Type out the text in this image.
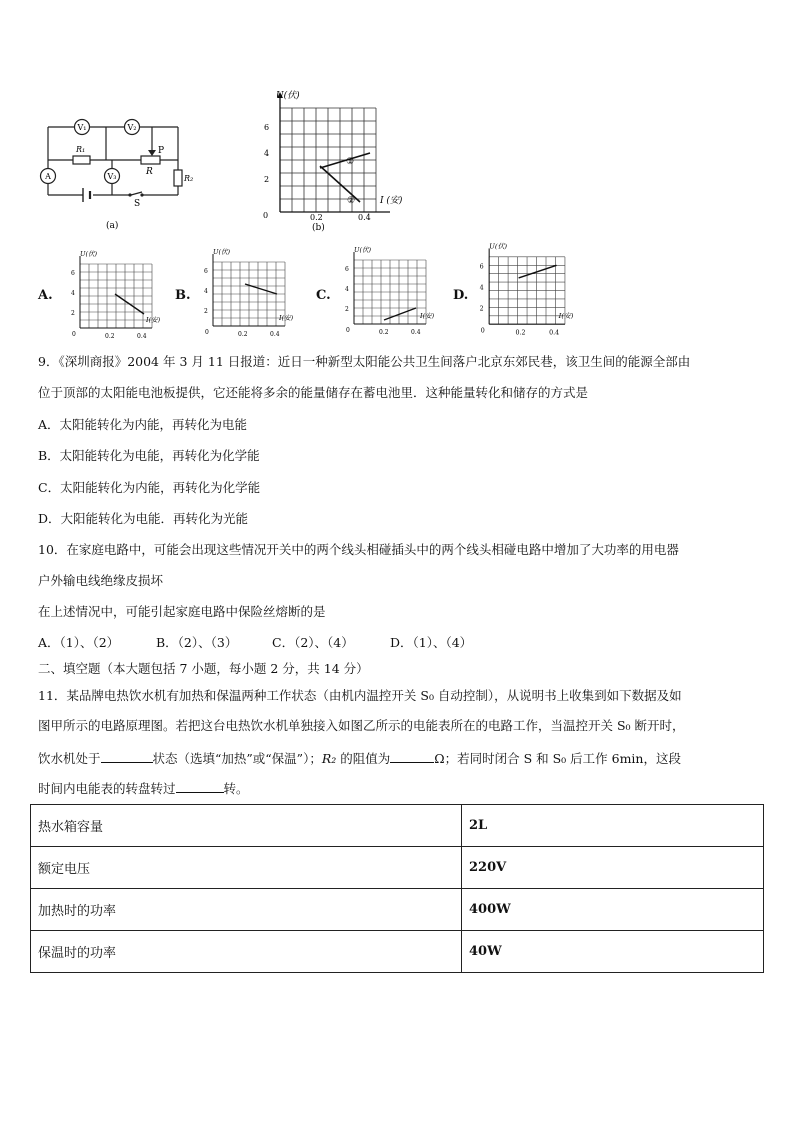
V₁	V₂
A	V₃
R₁	P
R
R₂
S
(a)
U(伏)
6
4
2
0	0.2	0.4
I (安)
①
②
(b)
A.
U(伏)
I(安)
6
4
2
0	0.2	0.4
B.
U(伏)
I(安)
6
4
2
0	0.2	0.4
C.
U(伏)
I(安)
6
4
2
0	0.2	0.4
D.
U(伏)
I(安)
6
4
2
0	0.2	0.4
9．《深圳商报》2004 年 3 月 11 日报道：近日一种新型太阳能公共卫生间落户北京东郊民巷，该卫生间的能源全部由
位于顶部的太阳能电池板提供，它还能将多余的能量储存在蓄电池里．这种能量转化和储存的方式是
A．太阳能转化为内能，再转化为电能
B．太阳能转化为电能，再转化为化学能
C．太阳能转化为内能，再转化为化学能
D．大阳能转化为电能．再转化为光能
10．在家庭电路中，可能会出现这些情况开关中的两个线头相碰插头中的两个线头相碰电路中增加了大功率的用电器
户外输电线绝缘皮损坏
在上述情况中，可能引起家庭电路中保险丝熔断的是
A．（1）、（2）	B．（2）、（3）	C．（2）、（4）	D．（1）、（4）
二、填空题（本大题包括 7 小题，每小题 2 分，共 14 分）
11．某品牌电热饮水机有加热和保温两种工作状态（由机内温控开关 S₀ 自动控制），从说明书上收集到如下数据及如
图甲所示的电路原理图。若把这台电热饮水机单独接入如图乙所示的电能表所在的电路工作，当温控开关 S₀ 断开时，
饮水机处于	状态（选填“加热”或“保温”）；R₂ 的阻值为	Ω；若同时闭合 S 和 S₀ 后工作 6min，这段
时间内电能表的转盘转过	转。
热水箱容量	2L
额定电压	220V
加热时的功率	400W
保温时的功率	40W
